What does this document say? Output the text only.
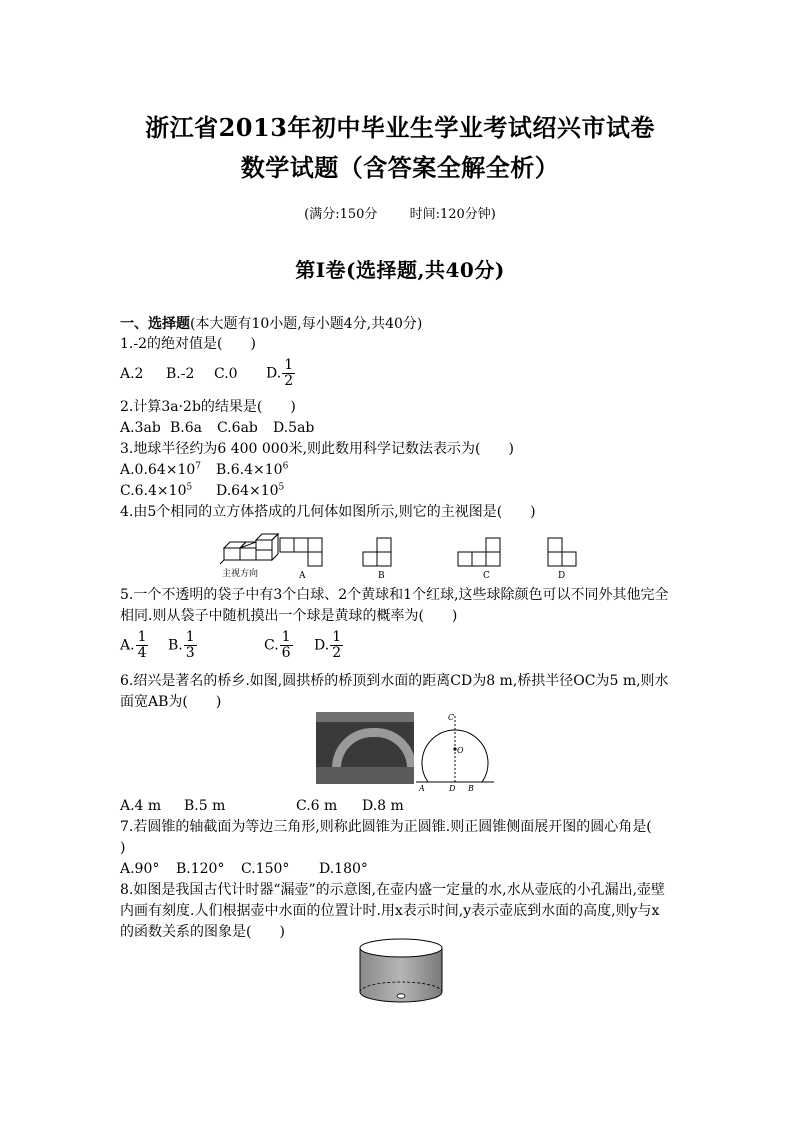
浙江省2013年初中毕业生学业考试绍兴市试卷
数学试题（含答案全解全析）
(满分:150分 时间:120分钟)
第Ⅰ卷(选择题,共40分)
一、选择题(本大题有10小题,每小题4分,共40分)
1.-2的绝对值是(　　)
A.2 B.-2 C.0 D. $\frac{1}{2}$
2.计算3a·2b的结果是(　　)
A.3ab B.6a C.6ab D.5ab
3.地球半径约为6 400 000米,则此数用科学记数法表示为(　　)
$A.0.64\times 10^7$ $B.6.4\times 10^6$
$C.6.4\times 10^5$ $D.64\times 10^5$
4.由5个相同的立方体搭成的几何体如图所示,则它的主视图是(　　)
主视方向	A	B	C	D
5.一个不透明的袋子中有3个白球、2个黄球和1个红球,这些球除颜色可以不同外其他完全
相同.则从袋子中随机摸出一个球是黄球的概率为(　　)
A. $\frac{1}{4} B$. $\frac{1}{3}$	C. $\frac{1}{6} D$. $\frac{1}{2}$
6.绍兴是著名的桥乡.如图,圆拱桥的桥顶到水面的距离CD为8 m,桥拱半径OC为5 m,则水
面宽AB为(　　)
C
O
A	D B
A.4 m B.5 m	C.6 m D.8 m
7.若圆锥的轴截面为等边三角形,则称此圆锥为正圆锥.则正圆锥侧面展开图的圆心角是(
)
A.90° B.120° C.150° D.180°
8.如图是我国古代计时器“漏壶”的示意图,在壶内盛一定量的水,水从壶底的小孔漏出,壶壁
内画有刻度.人们根据壶中水面的位置计时.用x表示时间,y表示壶底到水面的高度,则y与x
的函数关系的图象是(　　)
